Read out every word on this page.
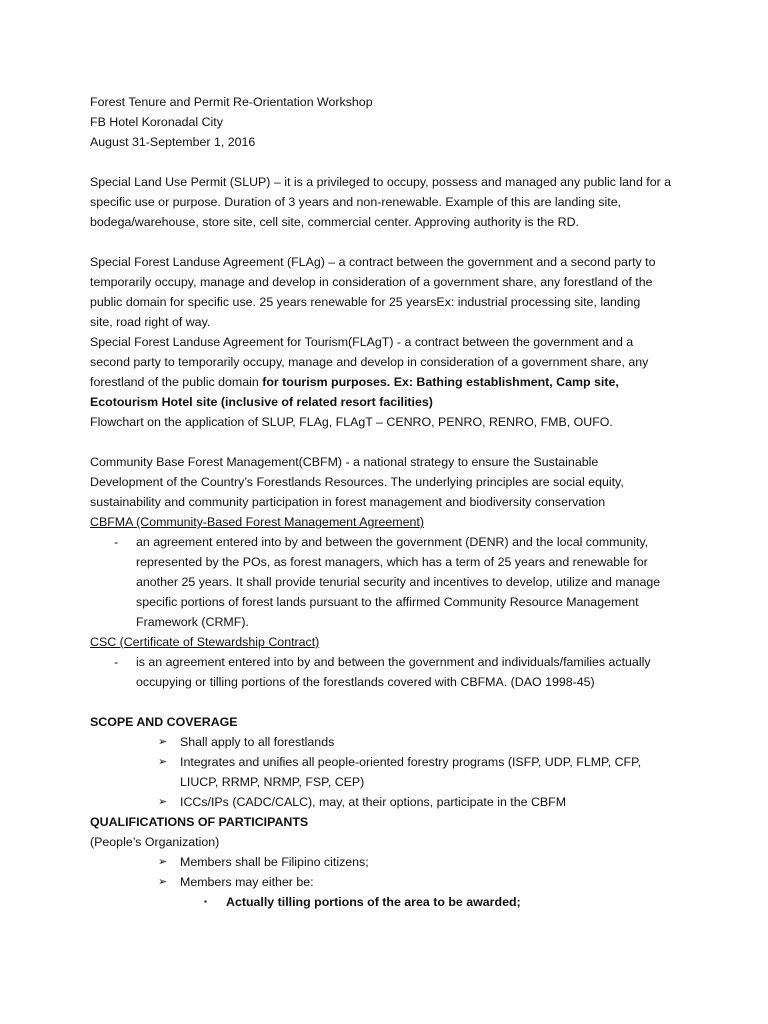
Forest Tenure and Permit Re-Orientation Workshop
FB Hotel Koronadal City
August 31-September 1, 2016
Special Land Use Permit (SLUP) – it is a privileged to occupy, possess and managed any public land for a
specific use or purpose. Duration of 3 years and non-renewable. Example of this are landing site,
bodega/warehouse, store site, cell site, commercial center. Approving authority is the RD.
Special Forest Landuse Agreement (FLAg) – a contract between the government and a second party to
temporarily occupy, manage and develop in consideration of a government share, any forestland of the
public domain for specific use. 25 years renewable for 25 yearsEx: industrial processing site, landing
site, road right of way.
Special Forest Landuse Agreement for Tourism(FLAgT) - a contract between the government and a
second party to temporarily occupy, manage and develop in consideration of a government share, any
forestland of the public domain for tourism purposes. Ex: Bathing establishment, Camp site,
Ecotourism Hotel site (inclusive of related resort facilities)
Flowchart on the application of SLUP, FLAg, FLAgT – CENRO, PENRO, RENRO, FMB, OUFO.
Community Base Forest Management(CBFM) - a national strategy to ensure the Sustainable
Development of the Country’s Forestlands Resources. The underlying principles are social equity,
sustainability and community participation in forest management and biodiversity conservation
CBFMA (Community-Based Forest Management Agreement)
- an agreement entered into by and between the government (DENR) and the local community,
represented by the POs, as forest managers, which has a term of 25 years and renewable for
another 25 years. It shall provide tenurial security and incentives to develop, utilize and manage
specific portions of forest lands pursuant to the affirmed Community Resource Management
Framework (CRMF).
CSC (Certificate of Stewardship Contract)
- is an agreement entered into by and between the government and individuals/families actually
occupying or tilling portions of the forestlands covered with CBFMA. (DAO 1998-45)
SCOPE AND COVERAGE
➢ Shall apply to all forestlands
➢ Integrates and unifies all people-oriented forestry programs (ISFP, UDP, FLMP, CFP,
LIUCP, RRMP, NRMP, FSP, CEP)
➢ ICCs/IPs (CADC/CALC), may, at their options, participate in the CBFM
QUALIFICATIONS OF PARTICIPANTS
(People’s Organization)
➢ Members shall be Filipino citizens;
➢ Members may either be:
▪ Actually tilling portions of the area to be awarded;
